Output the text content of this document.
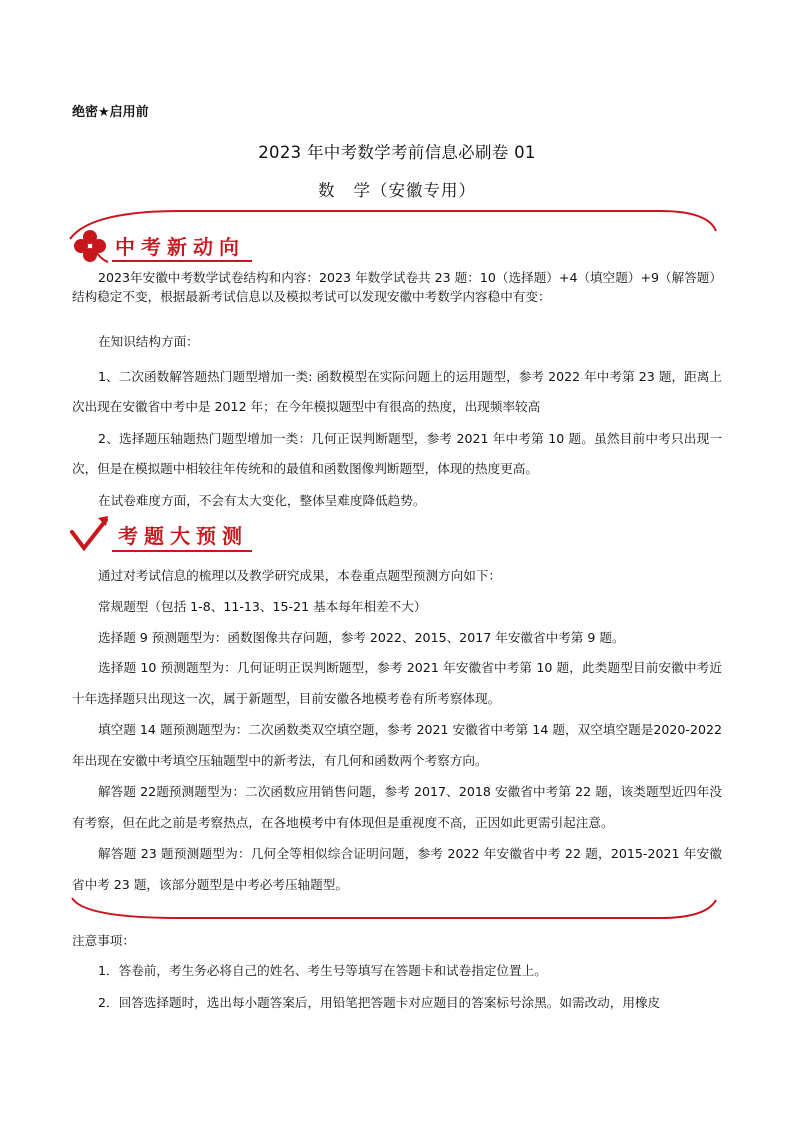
绝密★启用前
2023 年中考数学考前信息必刷卷 01
数 学（安徽专用）
中考新动向
2023年安徽中考数学试卷结构和内容：2023 年数学试卷共 23 题：10（选择题）+4（填空题）+9（解答题）结构稳定不变，根据最新考试信息以及模拟考试可以发现安徽中考数学内容稳中有变：
在知识结构方面：
1、二次函数解答题热门题型增加一类: 函数模型在实际问题上的运用题型，参考 2022 年中考第 23 题，距离上次出现在安徽省中考中是 2012 年；在今年模拟题型中有很高的热度，出现频率较高
2、选择题压轴题热门题型增加一类：几何正误判断题型，参考 2021 年中考第 10 题。虽然目前中考只出现一次，但是在模拟题中相较往年传统和的最值和函数图像判断题型，体现的热度更高。
在试卷难度方面，不会有太大变化，整体呈难度降低趋势。
考题大预测
通过对考试信息的梳理以及教学研究成果，本卷重点题型预测方向如下：
常规题型（包括 1-8、11-13、15-21 基本每年相差不大）
选择题 9 预测题型为：函数图像共存问题，参考 2022、2015、2017 年安徽省中考第 9 题。
选择题 10 预测题型为：几何证明正误判断题型，参考 2021 年安徽省中考第 10 题，此类题型目前安徽中考近十年选择题只出现这一次，属于新题型，目前安徽各地模考卷有所考察体现。
填空题 14 题预测题型为：二次函数类双空填空题，参考 2021 安徽省中考第 14 题，双空填空题是2020-2022 年出现在安徽中考填空压轴题型中的新考法，有几何和函数两个考察方向。
解答题 22题预测题型为：二次函数应用销售问题，参考 2017、2018 安徽省中考第 22 题，该类题型近四年没有考察，但在此之前是考察热点，在各地模考中有体现但是重视度不高，正因如此更需引起注意。
解答题 23 题预测题型为：几何全等相似综合证明问题，参考 2022 年安徽省中考 22 题，2015-2021 年安徽省中考 23 题，该部分题型是中考必考压轴题型。
注意事项：
1．答卷前，考生务必将自己的姓名、考生号等填写在答题卡和试卷指定位置上。
2．回答选择题时，选出每小题答案后，用铅笔把答题卡对应题目的答案标号涂黑。如需改动，用橡皮
